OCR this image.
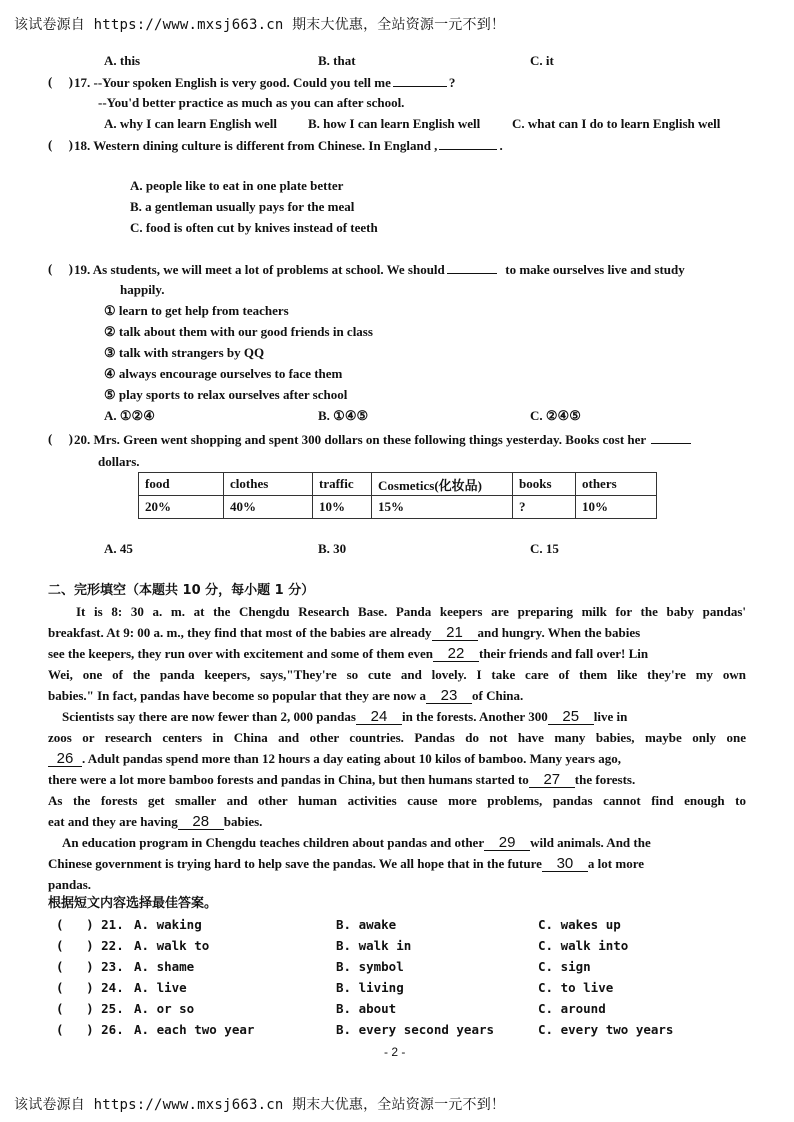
该试卷源自 https://www.mxsj663.cn 期末大优惠，全站资源一元不到！
A. this	B. that	C. it
( ) 17. --Your spoken English is very good. Could you tell me	?
--You'd better practice as much as you can after school.
A. why I can learn English well B. how I can learn English well C. what can I do to learn English well
( ) 18. Western dining culture is different from Chinese. In England ,	.
A. people like to eat in one plate better
B. a gentleman usually pays for the meal
C. food is often cut by knives instead of teeth
( ) 19. As students, we will meet a lot of problems at school. We should	to make ourselves live and study
happily.
① learn to get help from teachers
② talk about them with our good friends in class
③ talk with strangers by QQ
④ always encourage ourselves to face them
⑤ play sports to relax ourselves after school
A. ①②④	B. ①④⑤	C. ②④⑤
( ) 20. Mrs. Green went shopping and spent 300 dollars on these following things yesterday. Books cost her
dollars.
food	clothes	traffic	Cosmetics(化妆品)	books	others
20%	40%	10%	15%	?	10%
A. 45	B. 30	C. 15
二、完形填空（本题共 10 分，每小题 1 分）
It is 8: 30 a. m. at the Chengdu Research Base. Panda keepers are preparing milk for the baby pandas'
breakfast. At 9: 00 a. m., they find that most of the babies are already 21 and hungry. When the babies
see the keepers, they run over with excitement and some of them even 22 their friends and fall over! Lin
Wei, one of the panda keepers, says,"They're so cute and lovely. I take care of them like they're my own
babies." In fact, pandas have become so popular that they are now a 23 of China.
Scientists say there are now fewer than 2, 000 pandas 24 in the forests. Another 300 25 live in
zoos or research centers in China and other countries. Pandas do not have many babies, maybe only one
26 . Adult pandas spend more than 12 hours a day eating about 10 kilos of bamboo. Many years ago,
there were a lot more bamboo forests and pandas in China, but then humans started to 27 the forests.
As the forests get smaller and other human activities cause more problems, pandas cannot find enough to
eat and they are having 28 babies.
An education program in Chengdu teaches children about pandas and other 29 wild animals. And the
Chinese government is trying hard to help save the pandas. We all hope that in the future 30 a lot more
pandas.
根据短文内容选择最佳答案。
(   ) 21. A. waking	B. awake	C. wakes up
(   ) 22. A. walk to	B. walk in	C. walk into
(   ) 23. A. shame	B. symbol	C. sign
(   ) 24. A. live	B. living	C. to live
(   ) 25. A. or so	B. about	C. around
(   ) 26. A. each two year	B. every second years	C. every two years
- 2 -
该试卷源自 https://www.mxsj663.cn 期末大优惠，全站资源一元不到！
